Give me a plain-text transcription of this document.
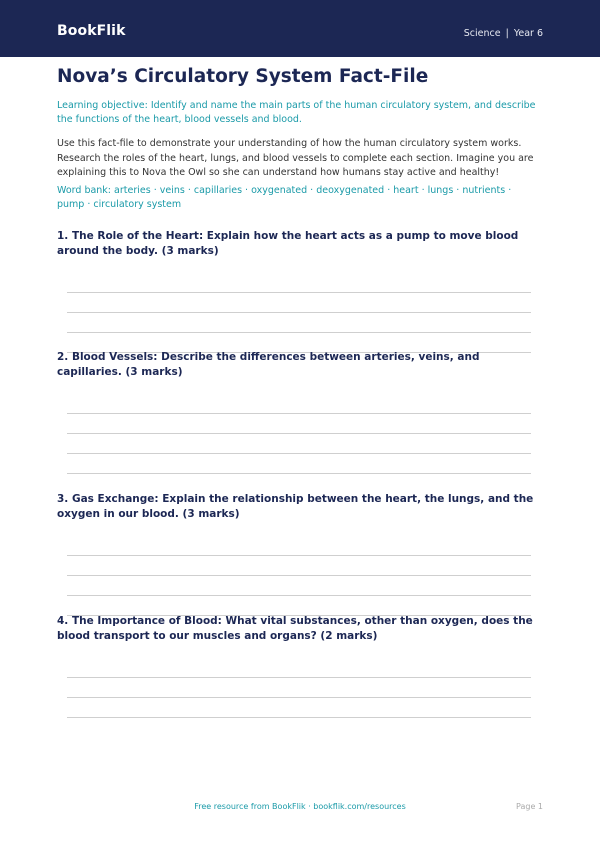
BookFlik	Science | Year 6
Nova’s Circulatory System Fact-File

Learning objective: Identify and name the main parts of the human circulatory system, and describe the functions of the heart, blood vessels and blood.

Use this fact-file to demonstrate your understanding of how the human circulatory system works. Research the roles of the heart, lungs, and blood vessels to complete each section. Imagine you are explaining this to Nova the Owl so she can understand how humans stay active and healthy!

Word bank: arteries · veins · capillaries · oxygenated · deoxygenated · heart · lungs · nutrients · pump · circulatory system

1. The Role of the Heart: Explain how the heart acts as a pump to move blood around the body. (3 marks)

2. Blood Vessels: Describe the differences between arteries, veins, and capillaries. (3 marks)

3. Gas Exchange: Explain the relationship between the heart, the lungs, and the oxygen in our blood. (3 marks)

4. The Importance of Blood: What vital substances, other than oxygen, does the blood transport to our muscles and organs? (2 marks)

Free resource from BookFlik · bookflik.com/resources	Page 1
